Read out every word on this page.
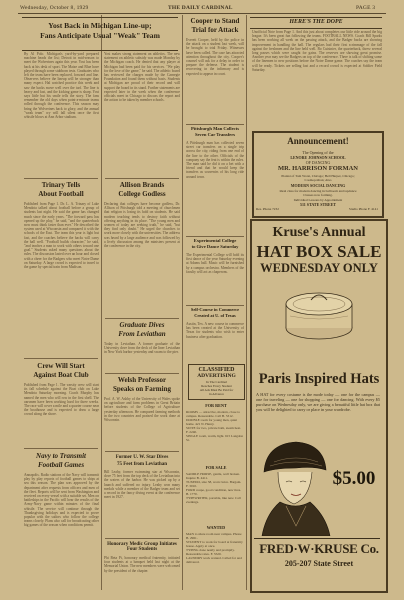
Wednesday, October 8, 1929	THE DAILY CARDINAL	PAGE 3
Yost Back in Michigan Line-up;
Fans Anticipate Usual "Weak" Team
By Al Polo. Michigan's yard-by-yard prepared machine heads the list; Detroit in mid-season to meet the Wolverines again this year. Yost has been back at his desk of sport. The Maize and Blue have played through some stubborn tests. Graduates who left the team have been replaced, forward and line. Observers believe the lineup will be stronger than many expect. Hal watched practice this week and saw the backs move well over the turf. The line is heavy and fast, and the kicking game is sharp. Yost says little but his smile tells the story. The fans remember the old days when point-a-minute teams rolled through the conference. This season may bring the Wolverines back to glory, and the annual "weak team" cry will fall silent once the first whistle blows at Ann Arbor stadium.
Trinary Tells
About Football
Published from Page 1. Dr. L. A. Trinary of Lake Mendota talked about football before a group of students last night. He said the game has changed much since the early years. "The forward pass has opened up the play," he said, "and the quarterback now must think faster than ever." He described the system used at Wisconsin and compared it with the schools of the East. The team this year is light but fast, and the coaches believe the backs will carry the ball well. "Football builds character," he said, "and teaches a man to work with others toward one goal." Students asked many questions about the rules. The discussion lasted over an hour and closed with a cheer for the Badgers who meet Notre Dame on Saturday. A large crowd is expected to travel to the game by special train from Madison.
Crew Will Start
Against Boat Club
Published from Page 1. The varsity crew will start its fall schedule against the Boat club on Lake Mendota Saturday morning. Coach Murphy has named the men who will row in the first shell. The oarsmen have been working hard for three weeks. The race will cover a mile and a quarter course near the boathouse and is expected to draw a large crowd along the shore.
Navy to Transmit
Football Games
Annapolis. Radio stations of the Navy will transmit play by play reports of football games to ships at sea this season. The plan was approved by the department after requests from officers and men of the fleet. Reports will be sent from Washington and received on every vessel with a suitable set. Men on battleships in the Pacific will hear the results of the Army-Navy game within minutes of the final whistle. The service will continue through the Thanksgiving holidays and is expected to prove popular with the sailors who follow the college teams closely. Plans also call for broadcasting other big games of the season when conditions permit.
Yost makes strong statement on athletics. The new statement on athletic subsidy was made Monday by the Michigan coach. He denied that any player at Michigan had been paid for his services. "We play for the love of the game," he said. The athletic board has reviewed the charges made by the Carnegie Foundation and found them without basis. Students at Michigan are proud of their record and will support the board in its stand. Further statements are expected later in the week when the conference officials meet in Chicago to discuss the report and the action to be taken by member schools.
Allison Brands
College Godless
Declaring that colleges have become godless, Dr. Allison of Pittsburgh told a meeting of churchmen that religion is losing its hold on students. He said modern teaching tends to destroy faith without offering anything in its place. "The young men and women of today are seeking truth," he said, "but they find only doubt." He urged the churches to work more closely with the universities. The address was heard by a large audience and was followed by a lively discussion among the ministers present at the conference in the city.
Graduate Dives
From Leviathan
Today in Leviathan. A former graduate of the University dove from the deck of the liner Leviathan in New York harbor yesterday and swam to the pier.
Welsh Professor
Speaks on Farming
Prof. A. W. Ashby of the University of Wales spoke on agriculture and farm problems in Great Britain before students of the College of Agriculture yesterday afternoon. He compared farming methods in the two countries and praised the work done at Wisconsin.
Former U. W. Star Dives
75 Feet from Leviathan
Bill Leahy, former swimming star at Wisconsin, dove 75 feet from the top deck of the Leviathan into the waters of the harbor. He was picked up by a launch and suffered no injury. Leahy won many medals while a member of the Badger team and set a record in the fancy diving event at the conference meet in 1927.
Honorary Medic Group Initiates Four Students
Phi Beta Pi, honorary medical fraternity, initiated four students at a banquet held last night at the Memorial Union. The new members were welcomed by the president of the chapter.
Cooper to Stand
Trial for Attack
Everett Cooper, held by the police in the attack on a student last week, will be brought to trial Friday. Witnesses have been called. The case has attracted attention throughout the city. Cooper's counsel will ask for a delay in order to prepare the defense. The student is recovering in the infirmary and is expected to appear in court.
Pittsburgh Man Collects
Seven Car Transfers
A Pittsburgh man has collected seven street car transfers on a single trip across the city, riding from one end of the line to the other. Officials of the company say the feat is within the rules. The man said he did it on a bet with a friend and that he would keep the transfers as souvenirs of his long ride around town.
Experimental College
to Give Dance Saturday
The Experimental College will hold its first dance of the year Saturday evening at Adams hall. Music will be furnished by a campus orchestra. Members of the faculty will act as chaperons.
Self-Course in Commerce
Created at U. of Texas
Austin, Tex. A new course in commerce has been created at the University of Texas for students who wish to enter business after graduation.
CLASSIFIED
ADVERTISING
In The Cardinal
Reaches Every Student
All Ads Must Be Paid for
in Advance
FOR RENT
ROOMS — attractive, modern, close to campus. Reasonable. Call B. 5312.
DOUBLE room for young men, quiet home. 421 N. Henry.
SUITE for two, private bath, steam heat. F. 2240.
SINGLE room, warm, light. 615 Langdon St.
FOR SALE
SADDLE HORSE, gentle, well broken. Inquire B. 4411.
TUXEDO, size 38, worn twice. Bargain. F. 3010.
FORD coupe, good condition, new tires. B. 1770.
TYPEWRITER, portable, like new. Call evenings.
WANTED
MAN to share room near campus. Phone B. 2961.
STUDENT to work for board at fraternity house. Apply at once.
TYPING done neatly and promptly. Reasonable rates. F. 5520.
LAUNDRY work wanted. Called for and delivered.
HERE'S THE DOPE
Unofficial Note from Page 1. And this just about completes our little ride around the big league. It's been great fun following the teams. FOOTBALL NEWS. Coach Bill Sparks has been working all week on the passing attack, and the Badger backs are showing improvement in handling the ball. The regulars had their first scrimmage of the fall against the freshmen and the line held well. Bo Cuisinier, the quarterback, threw several long passes which were caught for gains. The reserves are showing great promise. Another year may see the Badgers on top of the conference. There is talk of shifting some of the linemen to new positions before the Notre Dame game. The coaches say the team will be ready. Tickets are selling fast and a record crowd is expected at Soldier Field Saturday.
Announcement!
The Opening of the
LENORE JOHNSON SCHOOL
OF DANCING
MR. HARRISON FORMAN
Pianist of Tom Worst, Chicago; Bell Harper, Chicago;
Cosmopolitan; Also
MODERN SOCIAL DANCING
Ideal class for modern dancing in ballroom and tapdance
Classes now forming.
Individual Lessons by Appointment
511 STATE STREET
Res. Phone 7232	Studio Phone F. 4141
Kruse's Annual
HAT BOX SALE
WEDNESDAY ONLY
Paris Inspired Hats
A HAT for every costume is the mode today — one for the campus — one for traveling — one for shopping — one for dancing. With every $5 purchase on Wednesday only, we are giving a beautiful little hat box that you will be delighted to carry or place in your wardrobe.
$5.00
FRED·W·KRUSE Co.
205-207 State Street
